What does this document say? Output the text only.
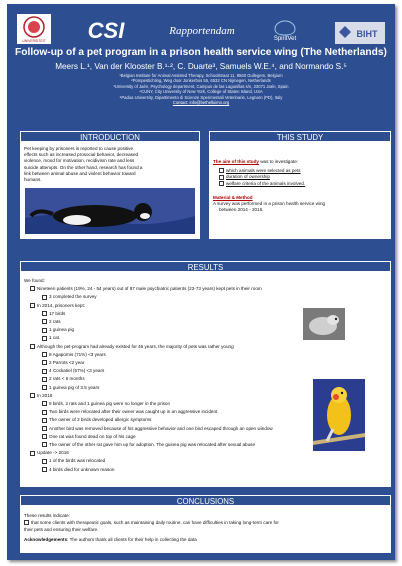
UNIVERSITEIT CSI	Rapportendam
SpiritVet	BIHT
Follow-up of a pet program in a prison health service wing (The Netherlands)
Meers L.¹, Van der Klooster B.¹·², C. Duarte³, Samuels W.E.⁴, and Normando S.⁵
¹Belgian Institute for Animal Assisted Therapy, Schoolstraat 11, 8560 Gullegem, Belgium
²Pompestichting, Weg door Jonkerbos 55, 6532 CN Nijmegen, Netherlands
³University of Jaén, Psychology department, Campus de las Lagunillas s/n, 23071 Jaén, Spain
⁴CUNY, City University of New York, College of Staten Island, USA
⁵Padua University, Dipartimento di Scienze Sperimentali Veterinarie, Legnaro (PD), Italy
Contact: info@bethelluimn.org
INTRODUCTION
Pet keeping by prisoners is reported to cause positive
effects such as increased prosocial behavior, decreased
violence, mood for motivation, recidivism rate and less
suicide attempts. On the other hand, research has found a
link between animal abuse and violent behavior toward
humans.
THIS STUDY
The aim of this study was to investigate:
which animals were selected as pets
duration of ownership
welfare criteria of the animals involved.
Material & Method
A survey was performed in a prison health service wing
between 2014 - 2016.
RESULTS
We found:
Nineteen patients (19%, 24 - 54 years) out of 97 male psychiatric patients (23-73 years) kept pets in their room
3 completed the survey
In 2014, prisoners kept:
17 birds
2 rats
1 guinea pig
1 cat.
Although the pet-program had already existed for 46 years, the majority of pets was rather young
8 Agapornis (71%) <3 years
2 Parrots <2 year
4 Cockatiel (57%) <3 years
2 rats < 6 months
1 guinea pig of 3.5 years
In 2016
8 birds, 2 rats and 1 guinea pig were no longer in the prison
Two birds were relocated after their owner was caught up in an aggressive incident
The owner of 2 birds developed allergic symptoms
Another bird was removed because of his aggressive behavior and one bird escaped through an open window
One rat was found dead on top of his cage
The owner of the other rat gave him up for adoption. The guinea pig was relocated after sexual abuse
Update -> 2016
1 of the birds was relocated
4 birds died for unknown reason
CONCLUSIONS
These results indicate:
that some clients with therapeutic goals, such as maintaining daily routine, can have difficulties in taking long-term care for
their pets and ensuring their welfare.
Acknowledgements: The authors thank all clients for their help in collecting the data
